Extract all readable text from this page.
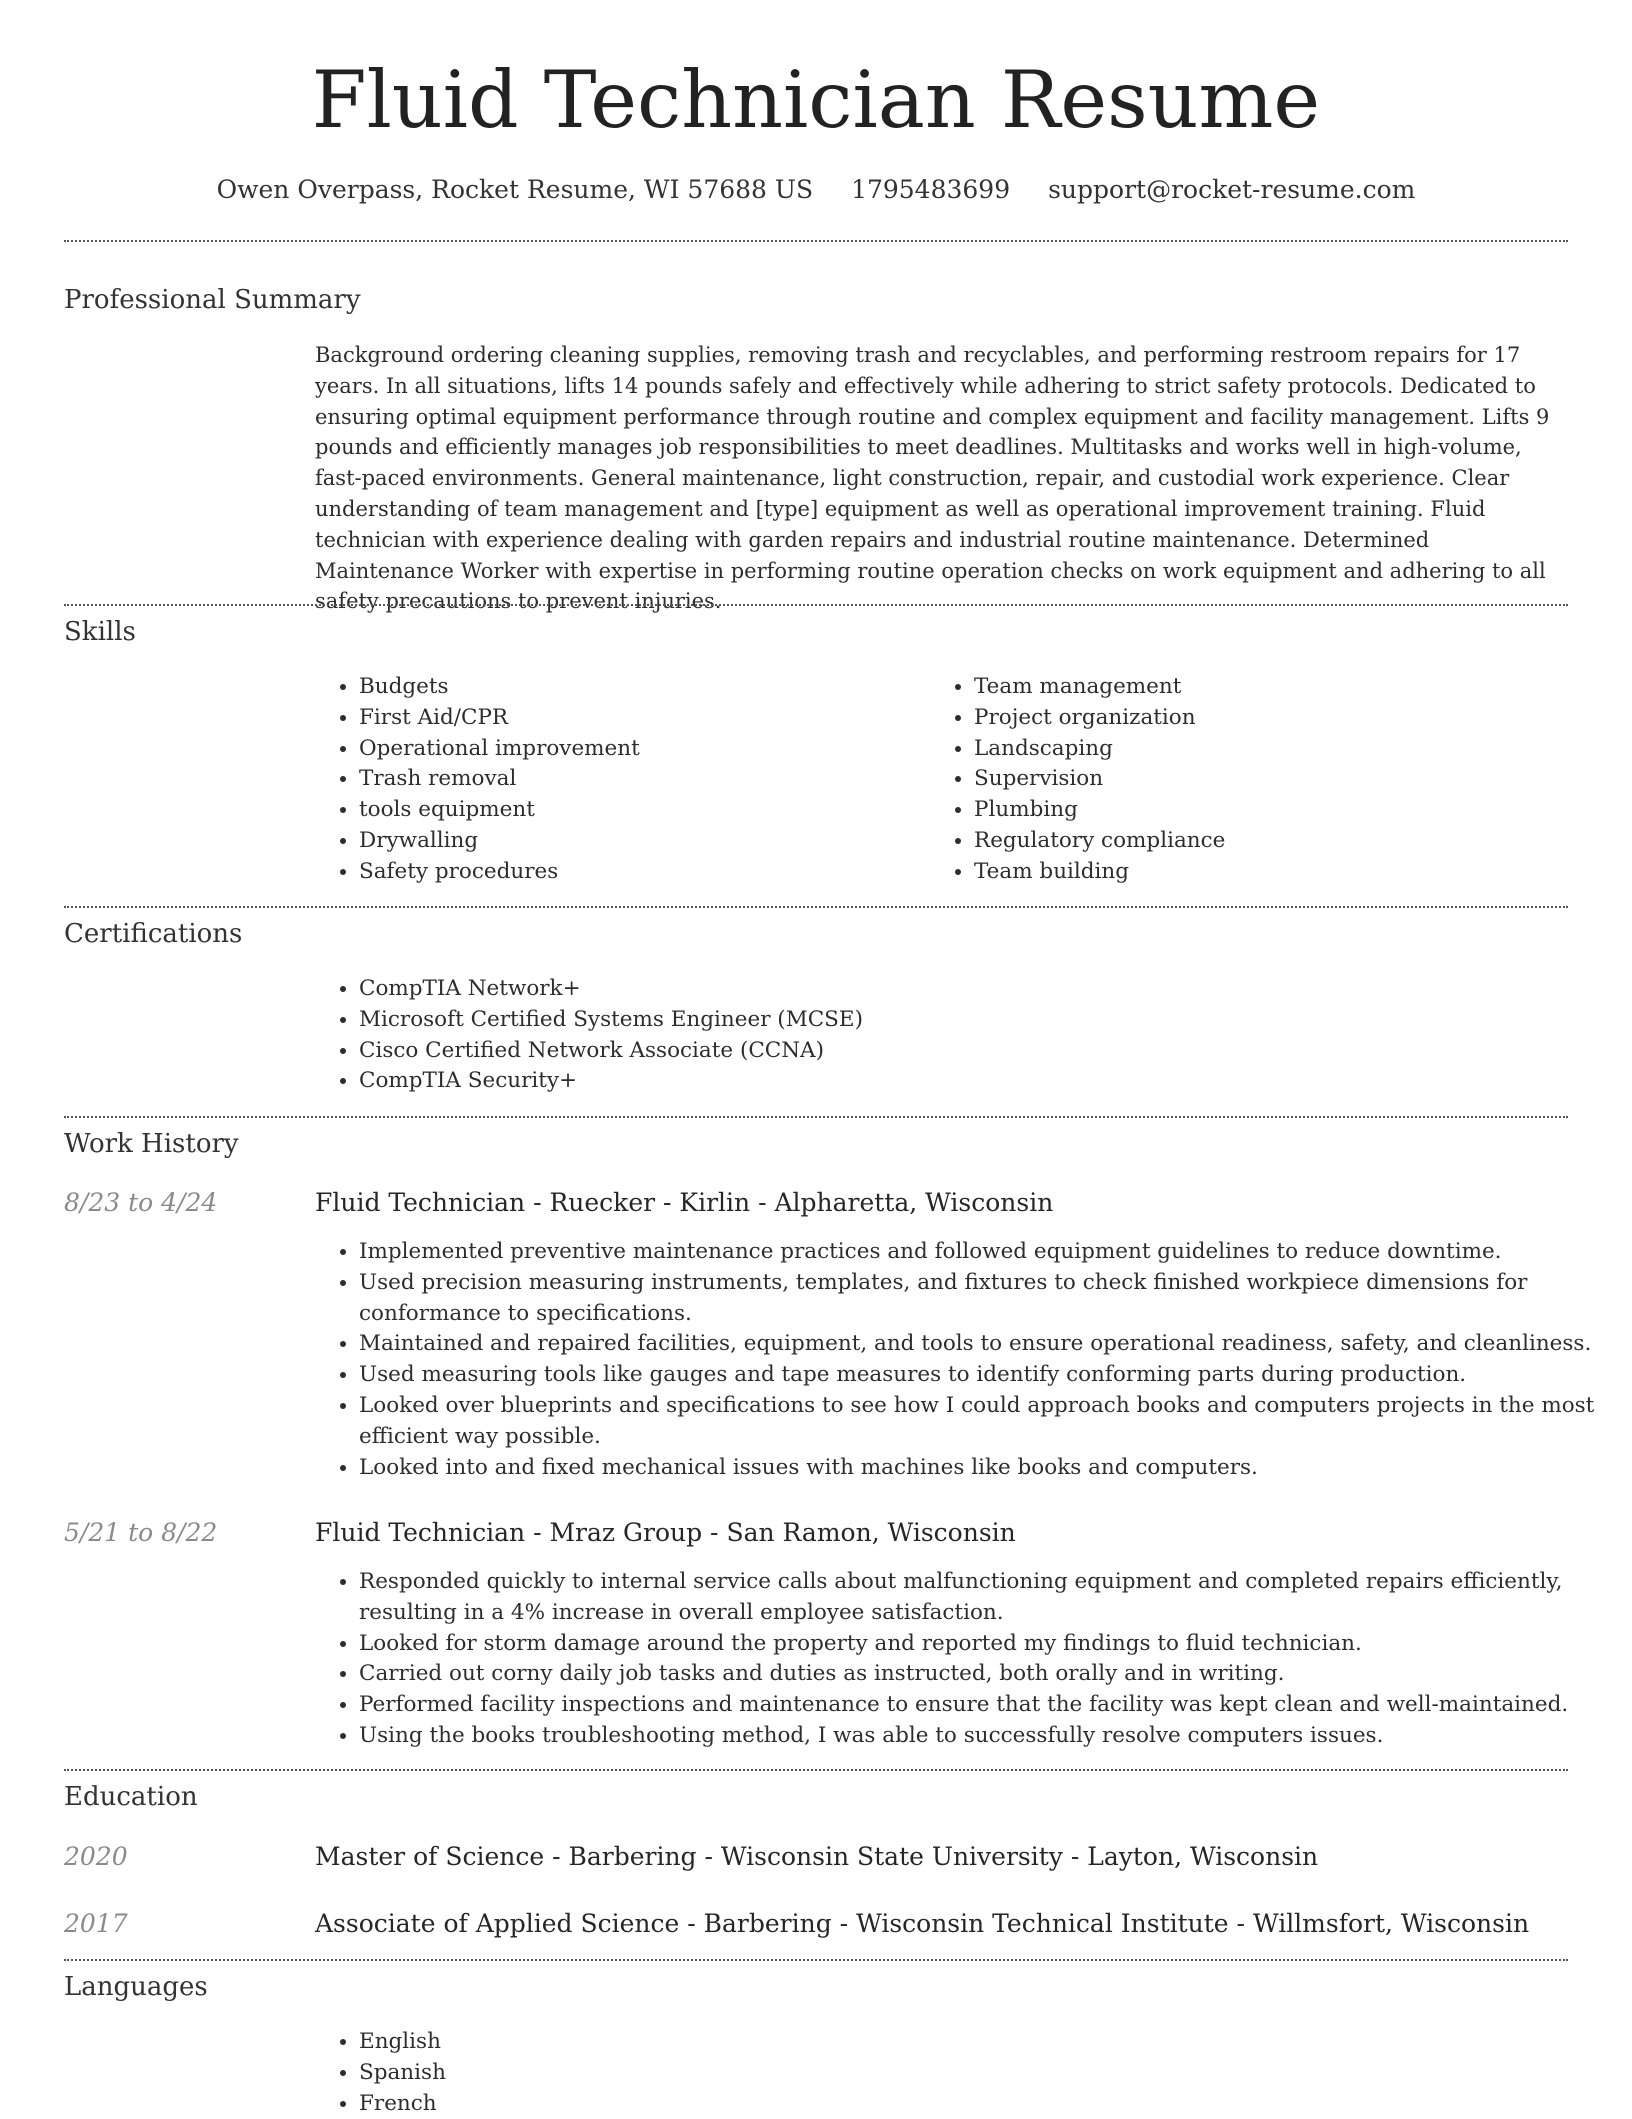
Fluid Technician Resume
Owen Overpass, Rocket Resume, WI 57688 US 1795483699 support@rocket-resume.com
Professional Summary

Background ordering cleaning supplies, removing trash and recyclables, and performing restroom repairs for 17 years. In all situations, lifts 14 pounds safely and effectively while adhering to strict safety protocols. Dedicated to ensuring optimal equipment performance through routine and complex equipment and facility management. Lifts 9 pounds and efficiently manages job responsibilities to meet deadlines. Multitasks and works well in high-volume, fast-paced environments. General maintenance, light construction, repair, and custodial work experience. Clear understanding of team management and [type] equipment as well as operational improvement training. Fluid technician with experience dealing with garden repairs and industrial routine maintenance. Determined Maintenance Worker with expertise in performing routine operation checks on work equipment and adhering to all safety precautions to prevent injuries.

Skills
• Budgets
• First Aid/CPR
• Operational improvement
• Trash removal
• tools equipment
• Drywalling
• Safety procedures
• Team management
• Project organization
• Landscaping
• Supervision
• Plumbing
• Regulatory compliance
• Team building
Certifications
• CompTIA Network+
• Microsoft Certified Systems Engineer (MCSE)
• Cisco Certified Network Associate (CCNA)
• CompTIA Security+
Work History
8/23 to 4/24	Fluid Technician - Ruecker - Kirlin - Alpharetta, Wisconsin
• Implemented preventive maintenance practices and followed equipment guidelines to reduce downtime.
• Used precision measuring instruments, templates, and fixtures to check finished workpiece dimensions for conformance to specifications.
• Maintained and repaired facilities, equipment, and tools to ensure operational readiness, safety, and cleanliness.
• Used measuring tools like gauges and tape measures to identify conforming parts during production.
• Looked over blueprints and specifications to see how I could approach books and computers projects in the most efficient way possible.
• Looked into and fixed mechanical issues with machines like books and computers.
5/21 to 8/22	Fluid Technician - Mraz Group - San Ramon, Wisconsin
• Responded quickly to internal service calls about malfunctioning equipment and completed repairs efficiently, resulting in a 4% increase in overall employee satisfaction.
• Looked for storm damage around the property and reported my findings to fluid technician.
• Carried out corny daily job tasks and duties as instructed, both orally and in writing.
• Performed facility inspections and maintenance to ensure that the facility was kept clean and well-maintained.
• Using the books troubleshooting method, I was able to successfully resolve computers issues.
Education
2020	Master of Science - Barbering - Wisconsin State University - Layton, Wisconsin
2017	Associate of Applied Science - Barbering - Wisconsin Technical Institute - Willmsfort, Wisconsin
Languages
• English
• Spanish
• French
